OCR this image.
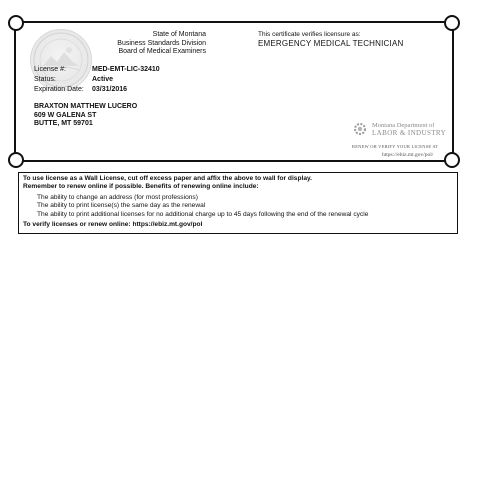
State of Montana
Business Standards Division
Board of Medical Examiners
This certificate verifies licensure as:
EMERGENCY MEDICAL TECHNICIAN
License #:	MED-EMT-LIC-32410
Status:	Active
Expiration Date:	03/31/2016
BRAXTON MATTHEW LUCERO
609 W GALENA ST
BUTTE, MT 59701	Montana Department of
LABOR & INDUSTRY
RENEW OR VERIFY YOUR LICENSE AT
https://ebiz.mt.gov/pol/
To use license as a Wall License, cut off excess paper and affix the above to wall for display.
Remember to renew online if possible. Benefits of renewing online include:
The ability to change an address (for most professions)
The ability to print license(s) the same day as the renewal
The ability to print additional licenses for no additional charge up to 45 days following the end of the renewal cycle
To verify licenses or renew online: https://ebiz.mt.gov/pol
